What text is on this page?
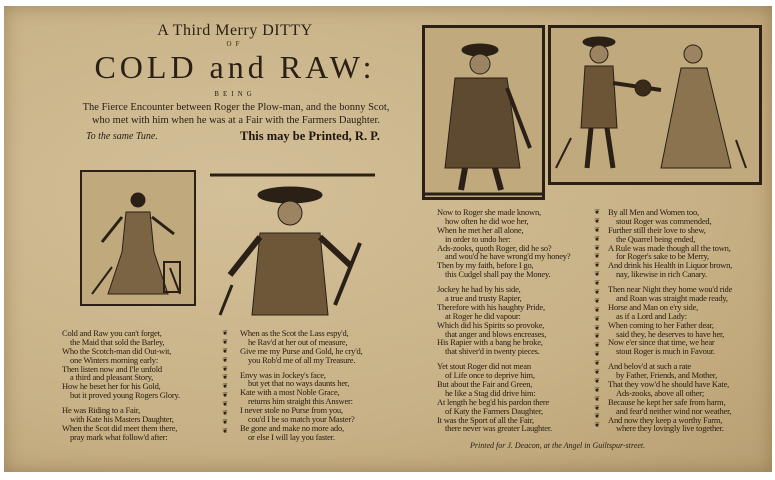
A Third Merry DITTY
OF
COLD and RAW:
BEING
The Fierce Encounter between Roger the Plow-man, and the bonny Scot,
who met with him when he was at a Fair with the Farmers Daughter.
To the same Tune.	This may be Printed, R. P.
Cold and Raw you can't forget,
the Maid that sold the Barley,
Who the Scotch-man did Out-wit,
one Winters morning early:
Then listen now and I'le unfold
a third and pleasant Story,
How he beset her for his Gold,
but it proved young Rogers Glory.
He was Riding to a Fair,
with Kate his Masters Daughter,
When the Scot did meet them there,
pray mark what follow'd after:
❦
❦
❦
❦
❦
❦
❦
❦
❦
❦
❦
❦
When as the Scot the Lass espy'd,
he Rav'd at her out of measure,
Give me my Purse and Gold, he cry'd,
you Rob'd me of all my Treasure.
Envy was in Jockey's face,
but yet that no ways daunts her,
Kate with a most Noble Grace,
returns him straight this Answer:
I never stole no Purse from you,
cou'd I be so match your Master?
Be gone and make no more ado,
or else I will lay you faster.
Now to Roger she made known,
how often he did woe her,
When he met her all alone,
in order to undo her:
Ads-zooks, quoth Roger, did he so?
and wou'd he have wrong'd my honey?
Then by my faith, before I go,
this Cudgel shall pay the Money.
Jockey he had by his side,
a true and trusty Rapier,
Therefore with his haughty Pride,
at Roger he did vapour:
Which did his Spirits so provoke,
that anger and blows encreases,
His Rapier with a bang he broke,
that shiver'd in twenty pieces.
Yet stout Roger did not mean
of Life once to deprive him,
But about the Fair and Green,
he like a Stag did drive him:
At length he beg'd his pardon there
of Katy the Farmers Daughter,
It was the Sport of all the Fair,
there never was greater Laughter.
❦
❦
❦
❦
❦
❦
❦
❦
❦
❦
❦
❦
❦
❦
❦
❦
❦
❦
❦
❦
❦
❦
❦
❦
❦
By all Men and Women too,
stout Roger was commended,
Further still their love to shew,
the Quarrel being ended,
A Rule was made though all the town,
for Roger's sake to be Merry,
And drink his Health in Liquor brown,
nay, likewise in rich Canary.
Then near Night they home wou'd ride
and Roan was straight made ready,
Horse and Man on e'ry side,
as if a Lord and Lady:
When coming to her Father dear,
said they, he deserves to have her,
Now e'er since that time, we hear
stout Roger is much in Favour.
And belov'd at such a rate
by Father, Friends, and Mother,
That they vow'd he should have Kate,
Ads-zooks, above all other;
Because he kept her safe from harm,
and fear'd neither wind nor weather,
And now they keep a worthy Farm,
where they lovingly live together.
Printed for J. Deacon, at the Angel in Guiltspur-street.
